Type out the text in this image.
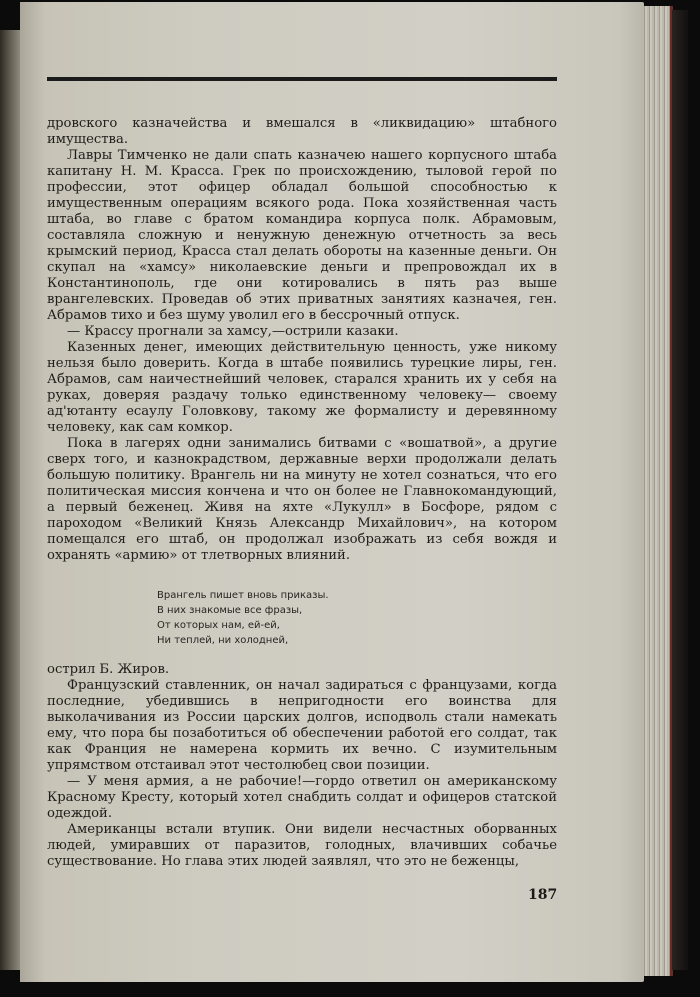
дровского казначейства и вмешался в «ликвидацию» штабного имущества.

Лавры Тимченко не дали спать казначею нашего корпусного штаба капитану Н. М. Красса. Грек по происхождению, тыловой герой по профессии, этот офицер обладал большой способностью к имущественным операциям всякого рода. Пока хозяйственная часть штаба, во главе с братом командира корпуса полк. Абрамовым, составляла сложную и ненужную денежную отчетность за весь крымский период, Красса стал делать обороты на казенные деньги. Он скупал на «хамсу» николаевские деньги и препровождал их в Константинополь, где они котировались в пять раз выше врангелевских. Проведав об этих приватных занятиях казначея, ген. Абрамов тихо и без шуму уволил его в бессрочный отпуск.

— Крассу прогнали за хамсу,—острили казаки.

Казенных денег, имеющих действительную ценность, уже никому нельзя было доверить. Когда в штабе появились турецкие лиры, ген. Абрамов, сам наичестнейший человек, старался хранить их у себя на руках, доверяя раздачу только единственному человеку— своему ад'ютанту есаулу Головкову, такому же формалисту и деревянному человеку, как сам комкор.

Пока в лагерях одни занимались битвами с «вошатвой», а другие сверх того, и казнокрадством, державные верхи продолжали делать большую политику. Врангель ни на минуту не хотел сознаться, что его политическая миссия кончена и что он более не Главнокомандующий, а первый беженец. Живя на яхте «Лукулл» в Босфоре, рядом с пароходом «Великий Князь Александр Михайлович», на котором помещался его штаб, он продолжал изображать из себя вождя и охранять «армию» от тлетворных влияний.

Врангель пишет вновь приказы.
В них знакомые все фразы,
От которых нам, ей-ей,
Ни теплей, ни холодней,

острил Б. Жиров.

Французский ставленник, он начал задираться с французами, когда последние, убедившись в непригодности его воинства для выколачивания из России царских долгов, исподволь стали намекать ему, что пора бы позаботиться об обеспечении работой его солдат, так как Франция не намерена кормить их вечно. С изумительным упрямством отстаивал этот честолюбец свои позиции.

— У меня армия, а не рабочие!—гордо ответил он американскому Красному Кресту, который хотел снабдить солдат и офицеров статской одеждой.

Американцы встали втупик. Они видели несчастных оборванных людей, умиравших от паразитов, голодных, влачивших собачье существование. Но глава этих людей заявлял, что это не беженцы,

187
